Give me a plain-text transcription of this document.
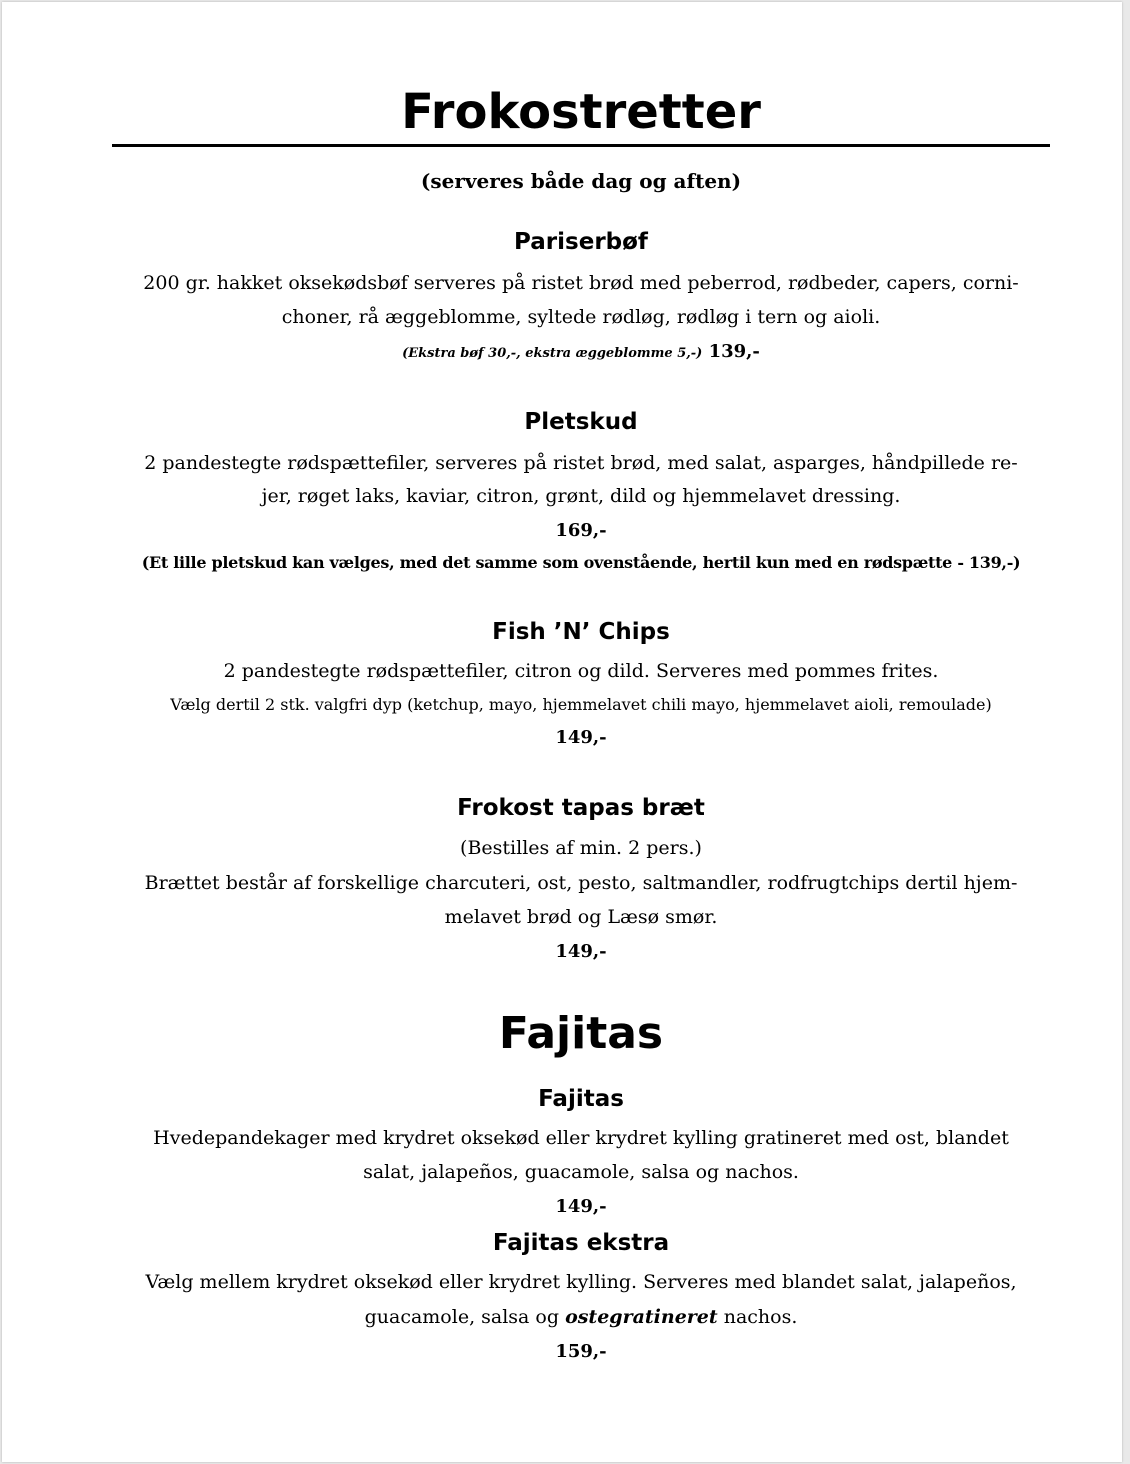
Frokostretter
(serveres både dag og aften)
Pariserbøf
200 gr. hakket oksekødsbøf serveres på ristet brød med peberrod, rødbeder, capers, corni-
choner, rå æggeblomme, syltede rødløg, rødløg i tern og aioli.
(Ekstra bøf 30,-, ekstra æggeblomme 5,-) 139,-
Pletskud
2 pandestegte rødspættefiler, serveres på ristet brød, med salat, asparges, håndpillede re-
jer, røget laks, kaviar, citron, grønt, dild og hjemmelavet dressing.
169,-
(Et lille pletskud kan vælges, med det samme som ovenstående, hertil kun med en rødspætte - 139,-)
Fish ’N’ Chips
2 pandestegte rødspættefiler, citron og dild. Serveres med pommes frites.
Vælg dertil 2 stk. valgfri dyp (ketchup, mayo, hjemmelavet chili mayo, hjemmelavet aioli, remoulade)
149,-
Frokost tapas bræt
(Bestilles af min. 2 pers.)
Brættet består af forskellige charcuteri, ost, pesto, saltmandler, rodfrugtchips dertil hjem-
melavet brød og Læsø smør.
149,-
Fajitas
Fajitas
Hvedepandekager med krydret oksekød eller krydret kylling gratineret med ost, blandet
salat, jalapeños, guacamole, salsa og nachos.
149,-
Fajitas ekstra
Vælg mellem krydret oksekød eller krydret kylling. Serveres med blandet salat, jalapeños,
guacamole, salsa og ostegratineret nachos.
159,-
